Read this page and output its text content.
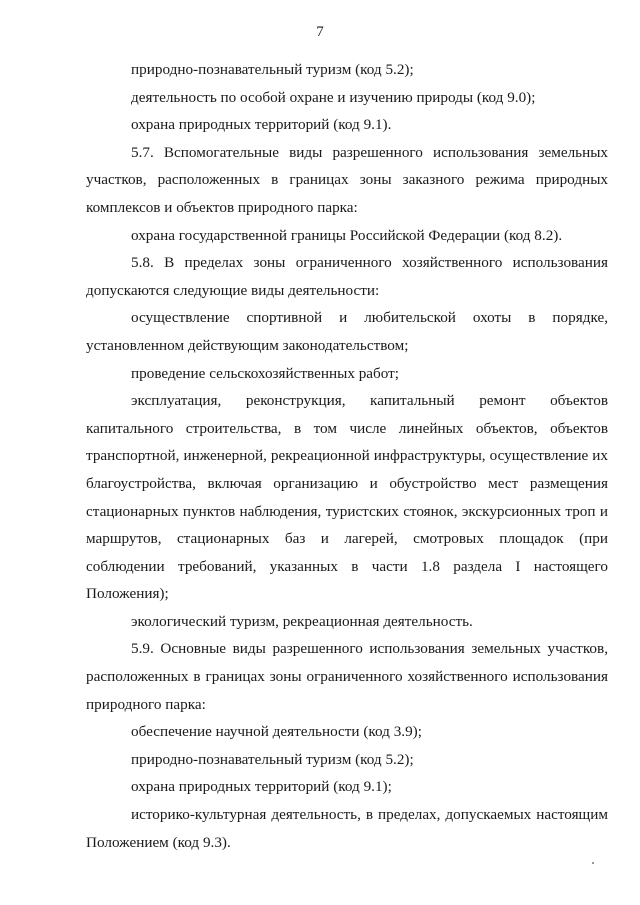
7

природно-познавательный туризм (код 5.2);

деятельность по особой охране и изучению природы (код 9.0);

охрана природных территорий (код 9.1).

5.7. Вспомогательные виды разрешенного использования земельных участков, расположенных в границах зоны заказного режима природных комплексов и объектов природного парка:

охрана государственной границы Российской Федерации (код 8.2).

5.8. В пределах зоны ограниченного хозяйственного использования допускаются следующие виды деятельности:

осуществление спортивной и любительской охоты в порядке, установленном действующим законодательством;

проведение сельскохозяйственных работ;

эксплуатация, реконструкция, капитальный ремонт объектов капитального строительства, в том числе линейных объектов, объектов транспортной, инженерной, рекреационной инфраструктуры, осуществление их благоустройства, включая организацию и обустройство мест размещения стационарных пунктов наблюдения, туристских стоянок, экскурсионных троп и маршрутов, стационарных баз и лагерей, смотровых площадок (при соблюдении требований, указанных в части 1.8 раздела I настоящего Положения);

экологический туризм, рекреационная деятельность.

5.9. Основные виды разрешенного использования земельных участков, расположенных в границах зоны ограниченного хозяйственного использования природного парка:

обеспечение научной деятельности (код 3.9);

природно-познавательный туризм (код 5.2);

охрана природных территорий (код 9.1);

историко-культурная деятельность, в пределах, допускаемых настоящим Положением (код 9.3).
